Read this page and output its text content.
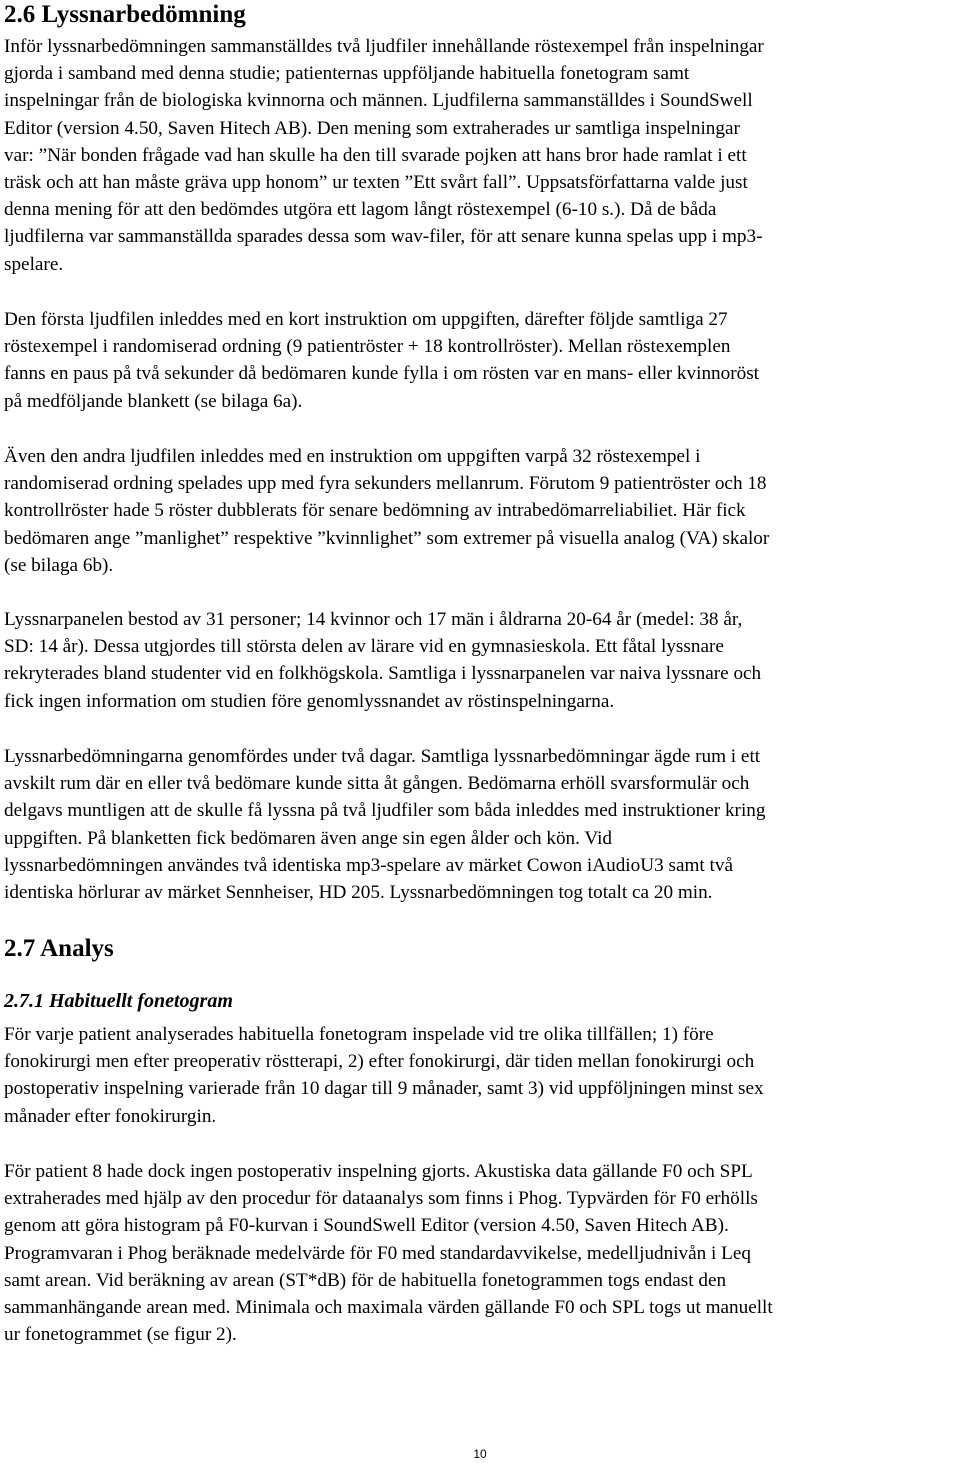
2.6 Lyssnarbedömning

Inför lyssnarbedömningen sammanställdes två ljudfiler innehållande röstexempel från inspelningar

gjorda i samband med denna studie; patienternas uppföljande habituella fonetogram samt

inspelningar från de biologiska kvinnorna och männen. Ljudfilerna sammanställdes i SoundSwell

Editor (version 4.50, Saven Hitech AB). Den mening som extraherades ur samtliga inspelningar

var: ”När bonden frågade vad han skulle ha den till svarade pojken att hans bror hade ramlat i ett

träsk och att han måste gräva upp honom” ur texten ”Ett svårt fall”. Uppsatsförfattarna valde just

denna mening för att den bedömdes utgöra ett lagom långt röstexempel (6-10 s.). Då de båda

ljudfilerna var sammanställda sparades dessa som wav-filer, för att senare kunna spelas upp i mp3-

spelare.

Den första ljudfilen inleddes med en kort instruktion om uppgiften, därefter följde samtliga 27

röstexempel i randomiserad ordning (9 patientröster + 18 kontrollröster). Mellan röstexemplen

fanns en paus på två sekunder då bedömaren kunde fylla i om rösten var en mans- eller kvinnoröst

på medföljande blankett (se bilaga 6a).

Även den andra ljudfilen inleddes med en instruktion om uppgiften varpå 32 röstexempel i

randomiserad ordning spelades upp med fyra sekunders mellanrum. Förutom 9 patientröster och 18

kontrollröster hade 5 röster dubblerats för senare bedömning av intrabedömarreliabiliet. Här fick

bedömaren ange ”manlighet” respektive ”kvinnlighet” som extremer på visuella analog (VA) skalor

(se bilaga 6b).

Lyssnarpanelen bestod av 31 personer; 14 kvinnor och 17 män i åldrarna 20-64 år (medel: 38 år,

SD: 14 år). Dessa utgjordes till största delen av lärare vid en gymnasieskola. Ett fåtal lyssnare

rekryterades bland studenter vid en folkhögskola. Samtliga i lyssnarpanelen var naiva lyssnare och

fick ingen information om studien före genomlyssnandet av röstinspelningarna.

Lyssnarbedömningarna genomfördes under två dagar. Samtliga lyssnarbedömningar ägde rum i ett

avskilt rum där en eller två bedömare kunde sitta åt gången. Bedömarna erhöll svarsformulär och

delgavs muntligen att de skulle få lyssna på två ljudfiler som båda inleddes med instruktioner kring

uppgiften. På blanketten fick bedömaren även ange sin egen ålder och kön. Vid

lyssnarbedömningen användes två identiska mp3-spelare av märket Cowon iAudioU3 samt två

identiska hörlurar av märket Sennheiser, HD 205. Lyssnarbedömningen tog totalt ca 20 min.

2.7 Analys
2.7.1 Habituellt fonetogram

För varje patient analyserades habituella fonetogram inspelade vid tre olika tillfällen; 1) före

fonokirurgi men efter preoperativ röstterapi, 2) efter fonokirurgi, där tiden mellan fonokirurgi och

postoperativ inspelning varierade från 10 dagar till 9 månader, samt 3) vid uppföljningen minst sex

månader efter fonokirurgin.

För patient 8 hade dock ingen postoperativ inspelning gjorts. Akustiska data gällande F0 och SPL

extraherades med hjälp av den procedur för dataanalys som finns i Phog. Typvärden för F0 erhölls

genom att göra histogram på F0-kurvan i SoundSwell Editor (version 4.50, Saven Hitech AB).

Programvaran i Phog beräknade medelvärde för F0 med standardavvikelse, medelljudnivån i Leq

samt arean. Vid beräkning av arean (ST*dB) för de habituella fonetogrammen togs endast den

sammanhängande arean med. Minimala och maximala värden gällande F0 och SPL togs ut manuellt

ur fonetogrammet (se figur 2).

10
